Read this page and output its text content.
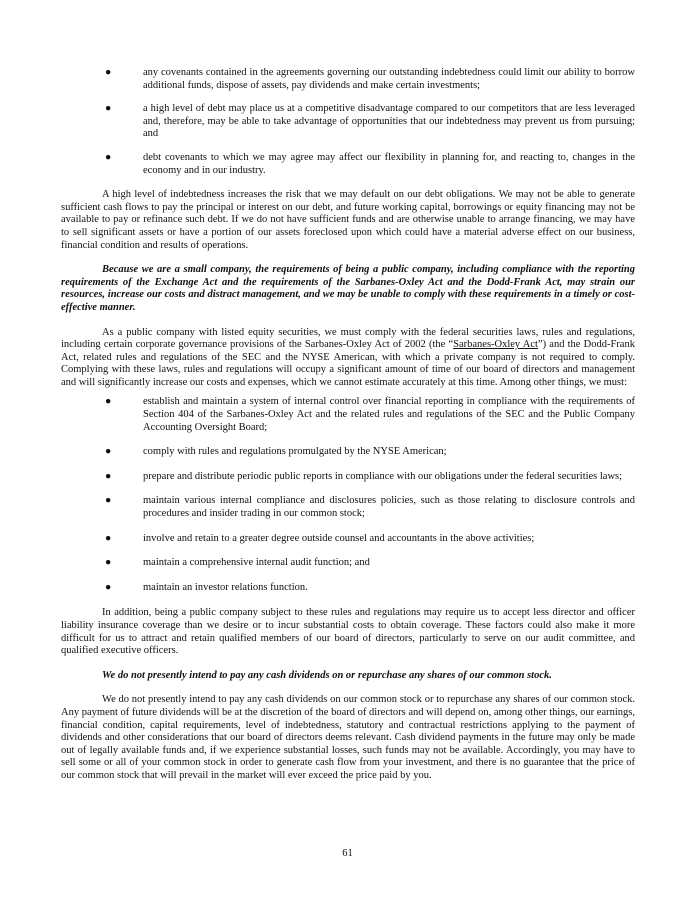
●	any covenants contained in the agreements governing our outstanding indebtedness could limit our ability to borrow additional funds, dispose of assets, pay dividends and make certain investments;
●	a high level of debt may place us at a competitive disadvantage compared to our competitors that are less leveraged and, therefore, may be able to take advantage of opportunities that our indebtedness may prevent us from pursuing; and
●	debt covenants to which we may agree may affect our flexibility in planning for, and reacting to, changes in the economy and in our industry.

A high level of indebtedness increases the risk that we may default on our debt obligations. We may not be able to generate sufficient cash flows to pay the principal or interest on our debt, and future working capital, borrowings or equity financing may not be available to pay or refinance such debt. If we do not have sufficient funds and are otherwise unable to arrange financing, we may have to sell significant assets or have a portion of our assets foreclosed upon which could have a material adverse effect on our business, financial condition and results of operations.

Because we are a small company, the requirements of being a public company, including compliance with the reporting requirements of the Exchange Act and the requirements of the Sarbanes-Oxley Act and the Dodd-Frank Act, may strain our resources, increase our costs and distract management, and we may be unable to comply with these requirements in a timely or cost-effective manner.

As a public company with listed equity securities, we must comply with the federal securities laws, rules and regulations, including certain corporate governance provisions of the Sarbanes-Oxley Act of 2002 (the “Sarbanes-Oxley Act”) and the Dodd-Frank Act, related rules and regulations of the SEC and the NYSE American, with which a private company is not required to comply. Complying with these laws, rules and regulations will occupy a significant amount of time of our board of directors and management and will significantly increase our costs and expenses, which we cannot estimate accurately at this time. Among other things, we must:

●	establish and maintain a system of internal control over financial reporting in compliance with the requirements of Section 404 of the Sarbanes-Oxley Act and the related rules and regulations of the SEC and the Public Company Accounting Oversight Board;
●	comply with rules and regulations promulgated by the NYSE American;
●	prepare and distribute periodic public reports in compliance with our obligations under the federal securities laws;
●	maintain various internal compliance and disclosures policies, such as those relating to disclosure controls and procedures and insider trading in our common stock;
●	involve and retain to a greater degree outside counsel and accountants in the above activities;
●	maintain a comprehensive internal audit function; and
●	maintain an investor relations function.

In addition, being a public company subject to these rules and regulations may require us to accept less director and officer liability insurance coverage than we desire or to incur substantial costs to obtain coverage. These factors could also make it more difficult for us to attract and retain qualified members of our board of directors, particularly to serve on our audit committee, and qualified executive officers.

We do not presently intend to pay any cash dividends on or repurchase any shares of our common stock.

We do not presently intend to pay any cash dividends on our common stock or to repurchase any shares of our common stock. Any payment of future dividends will be at the discretion of the board of directors and will depend on, among other things, our earnings, financial condition, capital requirements, level of indebtedness, statutory and contractual restrictions applying to the payment of dividends and other considerations that our board of directors deems relevant. Cash dividend payments in the future may only be made out of legally available funds and, if we experience substantial losses, such funds may not be available. Accordingly, you may have to sell some or all of your common stock in order to generate cash flow from your investment, and there is no guarantee that the price of our common stock that will prevail in the market will ever exceed the price paid by you.

61
